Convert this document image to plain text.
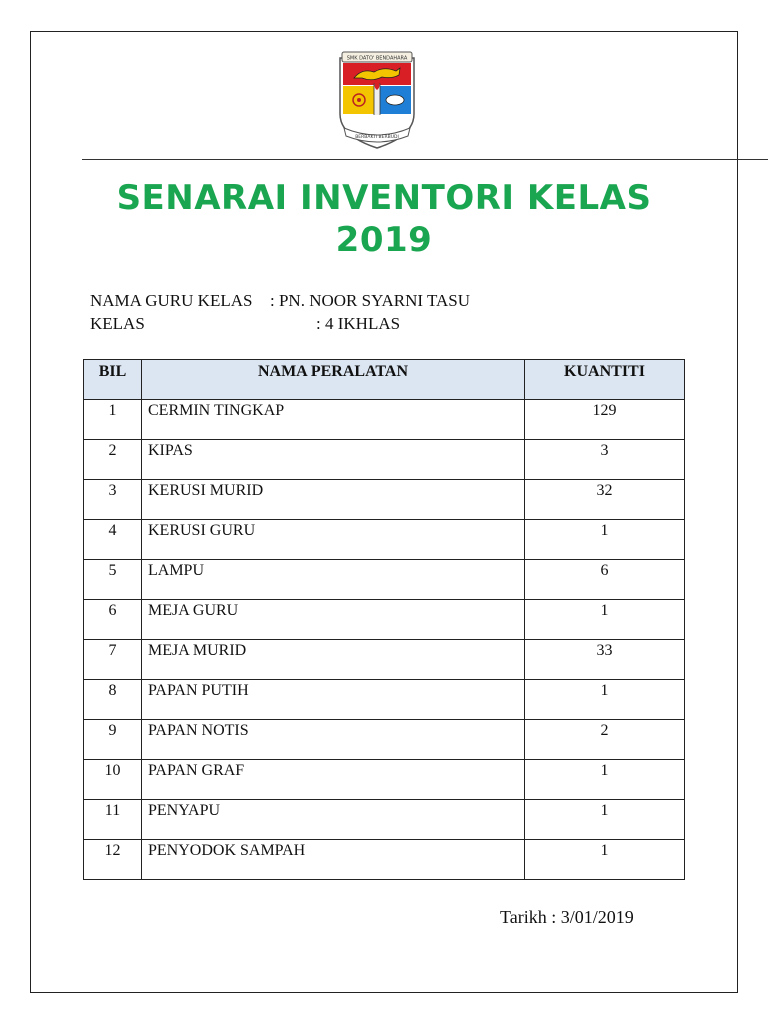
SMK DATO' BENDAHARA
BERBAKTI BERBUDI
SENARAI INVENTORI KELAS
2019
NAMA GURU KELAS : PN. NOOR SYARNI TASU
KELAS	: 4 IKHLAS
BIL	NAMA PERALATAN	KUANTITI
1	CERMIN TINGKAP	129
2	KIPAS	3
3	KERUSI MURID	32
4	KERUSI GURU	1
5	LAMPU	6
6	MEJA GURU	1
7	MEJA MURID	33
8	PAPAN PUTIH	1
9	PAPAN NOTIS	2
10	PAPAN GRAF	1
11	PENYAPU	1
12	PENYODOK SAMPAH	1
Tarikh : 3/01/2019
